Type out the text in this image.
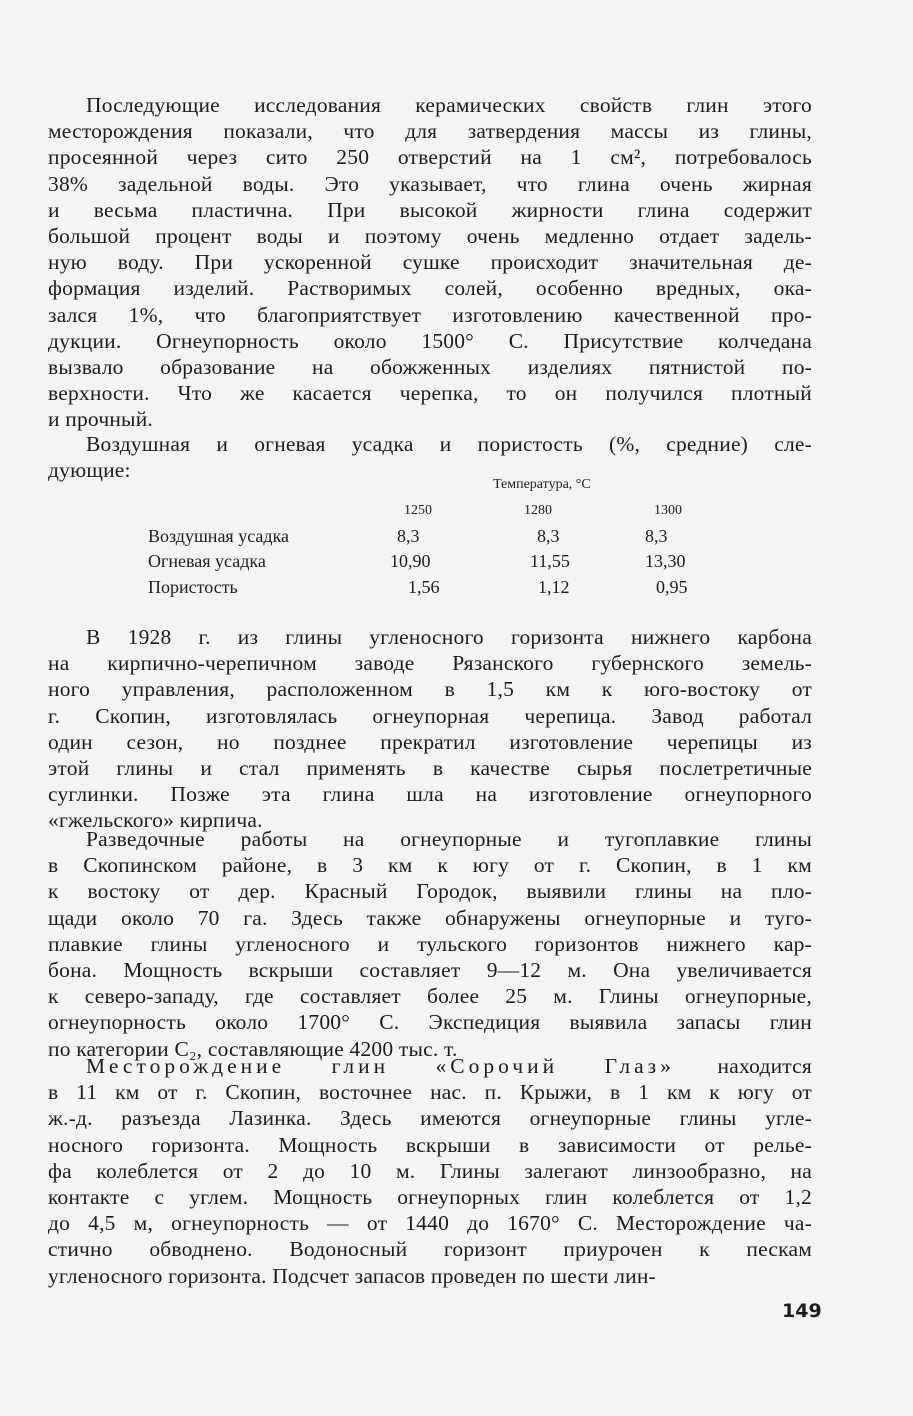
Последующие исследования керамических свойств глин этого
месторождения показали, что для затвердения массы из глины,
просеянной через сито 250 отверстий на 1 см², потребовалось
38% задельной воды. Это указывает, что глина очень жирная
и весьма пластична. При высокой жирности глина содержит
большой процент воды и поэтому очень медленно отдает задель-
ную воду. При ускоренной сушке происходит значительная де-
формация изделий. Растворимых солей, особенно вредных, ока-
зался 1%, что благоприятствует изготовлению качественной про-
дукции. Огнеупорность около 1500° С. Присутствие колчедана
вызвало образование на обожженных изделиях пятнистой по-
верхности. Что же касается черепка, то он получился плотный
и прочный.
Воздушная и огневая усадка и пористость (%, средние) сле-
дующие:
Температура, °С
1250	1280	1300
Воздушная усадка	8,3	8,3	8,3
Огневая усадка	10,90	11,55	13,30
Пористость	1,56	1,12	0,95
В 1928 г. из глины угленосного горизонта нижнего карбона
на кирпично-черепичном заводе Рязанского губернского земель-
ного управления, расположенном в 1,5 км к юго-востоку от
г. Скопин, изготовлялась огнеупорная черепица. Завод работал
один сезон, но позднее прекратил изготовление черепицы из
этой глины и стал применять в качестве сырья послетретичные
суглинки. Позже эта глина шла на изготовление огнеупорного
«гжельского» кирпича.
Разведочные работы на огнеупорные и тугоплавкие глины
в Скопинском районе, в 3 км к югу от г. Скопин, в 1 км
к востоку от дер. Красный Городок, выявили глины на пло-
щади около 70 га. Здесь также обнаружены огнеупорные и туго-
плавкие глины угленосного и тульского горизонтов нижнего кар-
бона. Мощность вскрыши составляет 9—12 м. Она увеличивается
к северо-западу, где составляет более 25 м. Глины огнеупорные,
огнеупорность около 1700° С. Экспедиция выявила запасы глин
по категории C₂, составляющие 4200 тыс. т.
Месторождение глин «Сорочий Глаз» находится
в 11 км от г. Скопин, восточнее нас. п. Крыжи, в 1 км к югу от
ж.-д. разъезда Лазинка. Здесь имеются огнеупорные глины угле-
носного горизонта. Мощность вскрыши в зависимости от релье-
фа колеблется от 2 до 10 м. Глины залегают линзообразно, на
контакте с углем. Мощность огнеупорных глин колеблется от 1,2
до 4,5 м, огнеупорность — от 1440 до 1670° С. Месторождение ча-
стично обводнено. Водоносный горизонт приурочен к пескам
угленосного горизонта. Подсчет запасов проведен по шести лин-
149
